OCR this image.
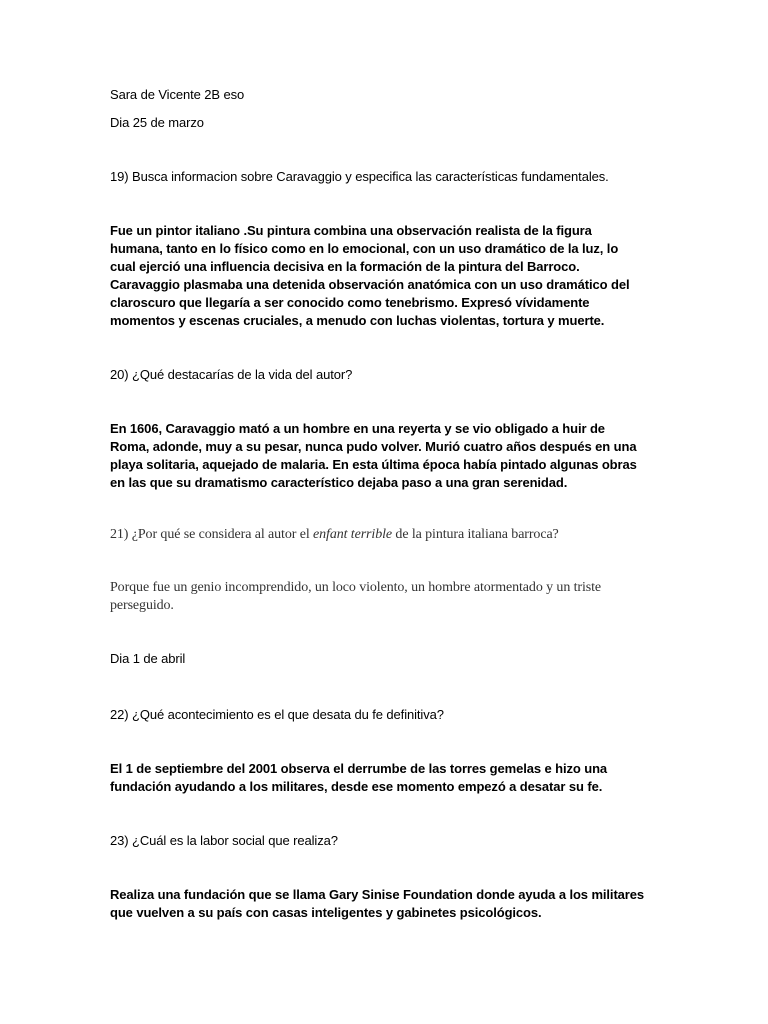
Sara de Vicente 2B eso
Dia 25 de marzo
19) Busca informacion sobre Caravaggio y especifica las características fundamentales.
Fue un pintor italiano .Su pintura combina una observación realista de la figura humana, tanto en lo físico como en lo emocional, con un uso dramático de la luz, lo cual ejerció una influencia decisiva en la formación de la pintura del Barroco. Caravaggio plasmaba una detenida observación anatómica con un uso dramático del claroscuro que llegaría a ser conocido como tenebrismo. Expresó vívidamente momentos y escenas cruciales, a menudo con luchas violentas, tortura y muerte.
20) ¿Qué destacarías de la vida del autor?
En 1606, Caravaggio mató a un hombre en una reyerta y se vio obligado a huir de Roma, adonde, muy a su pesar, nunca pudo volver. Murió cuatro años después en una playa solitaria, aquejado de malaria. En esta última época había pintado algunas obras en las que su dramatismo característico dejaba paso a una gran serenidad.
21) ¿Por qué se considera al autor el enfant terrible de la pintura italiana barroca?
Porque fue un genio incomprendido, un loco violento, un hombre atormentado y un triste perseguido.
Dia 1 de abril
22) ¿Qué acontecimiento es el que desata du fe definitiva?
El 1 de septiembre del 2001 observa el derrumbe de las torres gemelas e hizo una fundación ayudando a los militares, desde ese momento empezó a desatar su fe.
23) ¿Cuál es la labor social que realiza?
Realiza una fundación que se llama Gary Sinise Foundation donde ayuda a los militares que vuelven a su país con casas inteligentes y gabinetes psicológicos.
